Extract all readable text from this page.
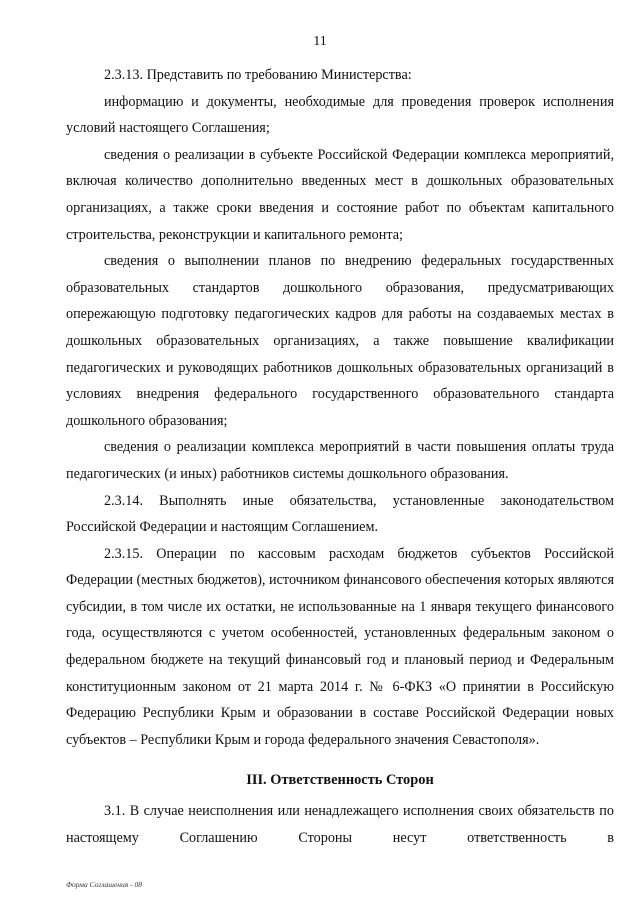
11

2.3.13. Представить по требованию Министерства:

информацию и документы, необходимые для проведения проверок исполнения условий настоящего Соглашения;

сведения о реализации в субъекте Российской Федерации комплекса мероприятий, включая количество дополнительно введенных мест в дошкольных образовательных организациях, а также сроки введения и состояние работ по объектам капитального строительства, реконструкции и капитального ремонта;

сведения о выполнении планов по внедрению федеральных государственных образовательных стандартов дошкольного образования, предусматривающих опережающую подготовку педагогических кадров для работы на создаваемых местах в дошкольных образовательных организациях, а также повышение квалификации педагогических и руководящих работников дошкольных образовательных организаций в условиях внедрения федерального государственного образовательного стандарта дошкольного образования;

сведения о реализации комплекса мероприятий в части повышения оплаты труда педагогических (и иных) работников системы дошкольного образования.

2.3.14. Выполнять иные обязательства, установленные законодательством Российской Федерации и настоящим Соглашением.

2.3.15. Операции по кассовым расходам бюджетов субъектов Российской Федерации (местных бюджетов), источником финансового обеспечения которых являются субсидии, в том числе их остатки, не использованные на 1 января текущего финансового года, осуществляются с учетом особенностей, установленных федеральным законом о федеральном бюджете на текущий финансовый год и плановый период и Федеральным конституционным законом от 21 марта 2014 г. № 6-ФКЗ «О принятии в Российскую Федерацию Республики Крым и образовании в составе Российской Федерации новых субъектов – Республики Крым и города федерального значения Севастополя».

III. Ответственность Сторон

3.1. В случае неисполнения или ненадлежащего исполнения своих обязательств по настоящему Соглашению Стороны несут ответственность в

Форма Соглашения - 08
